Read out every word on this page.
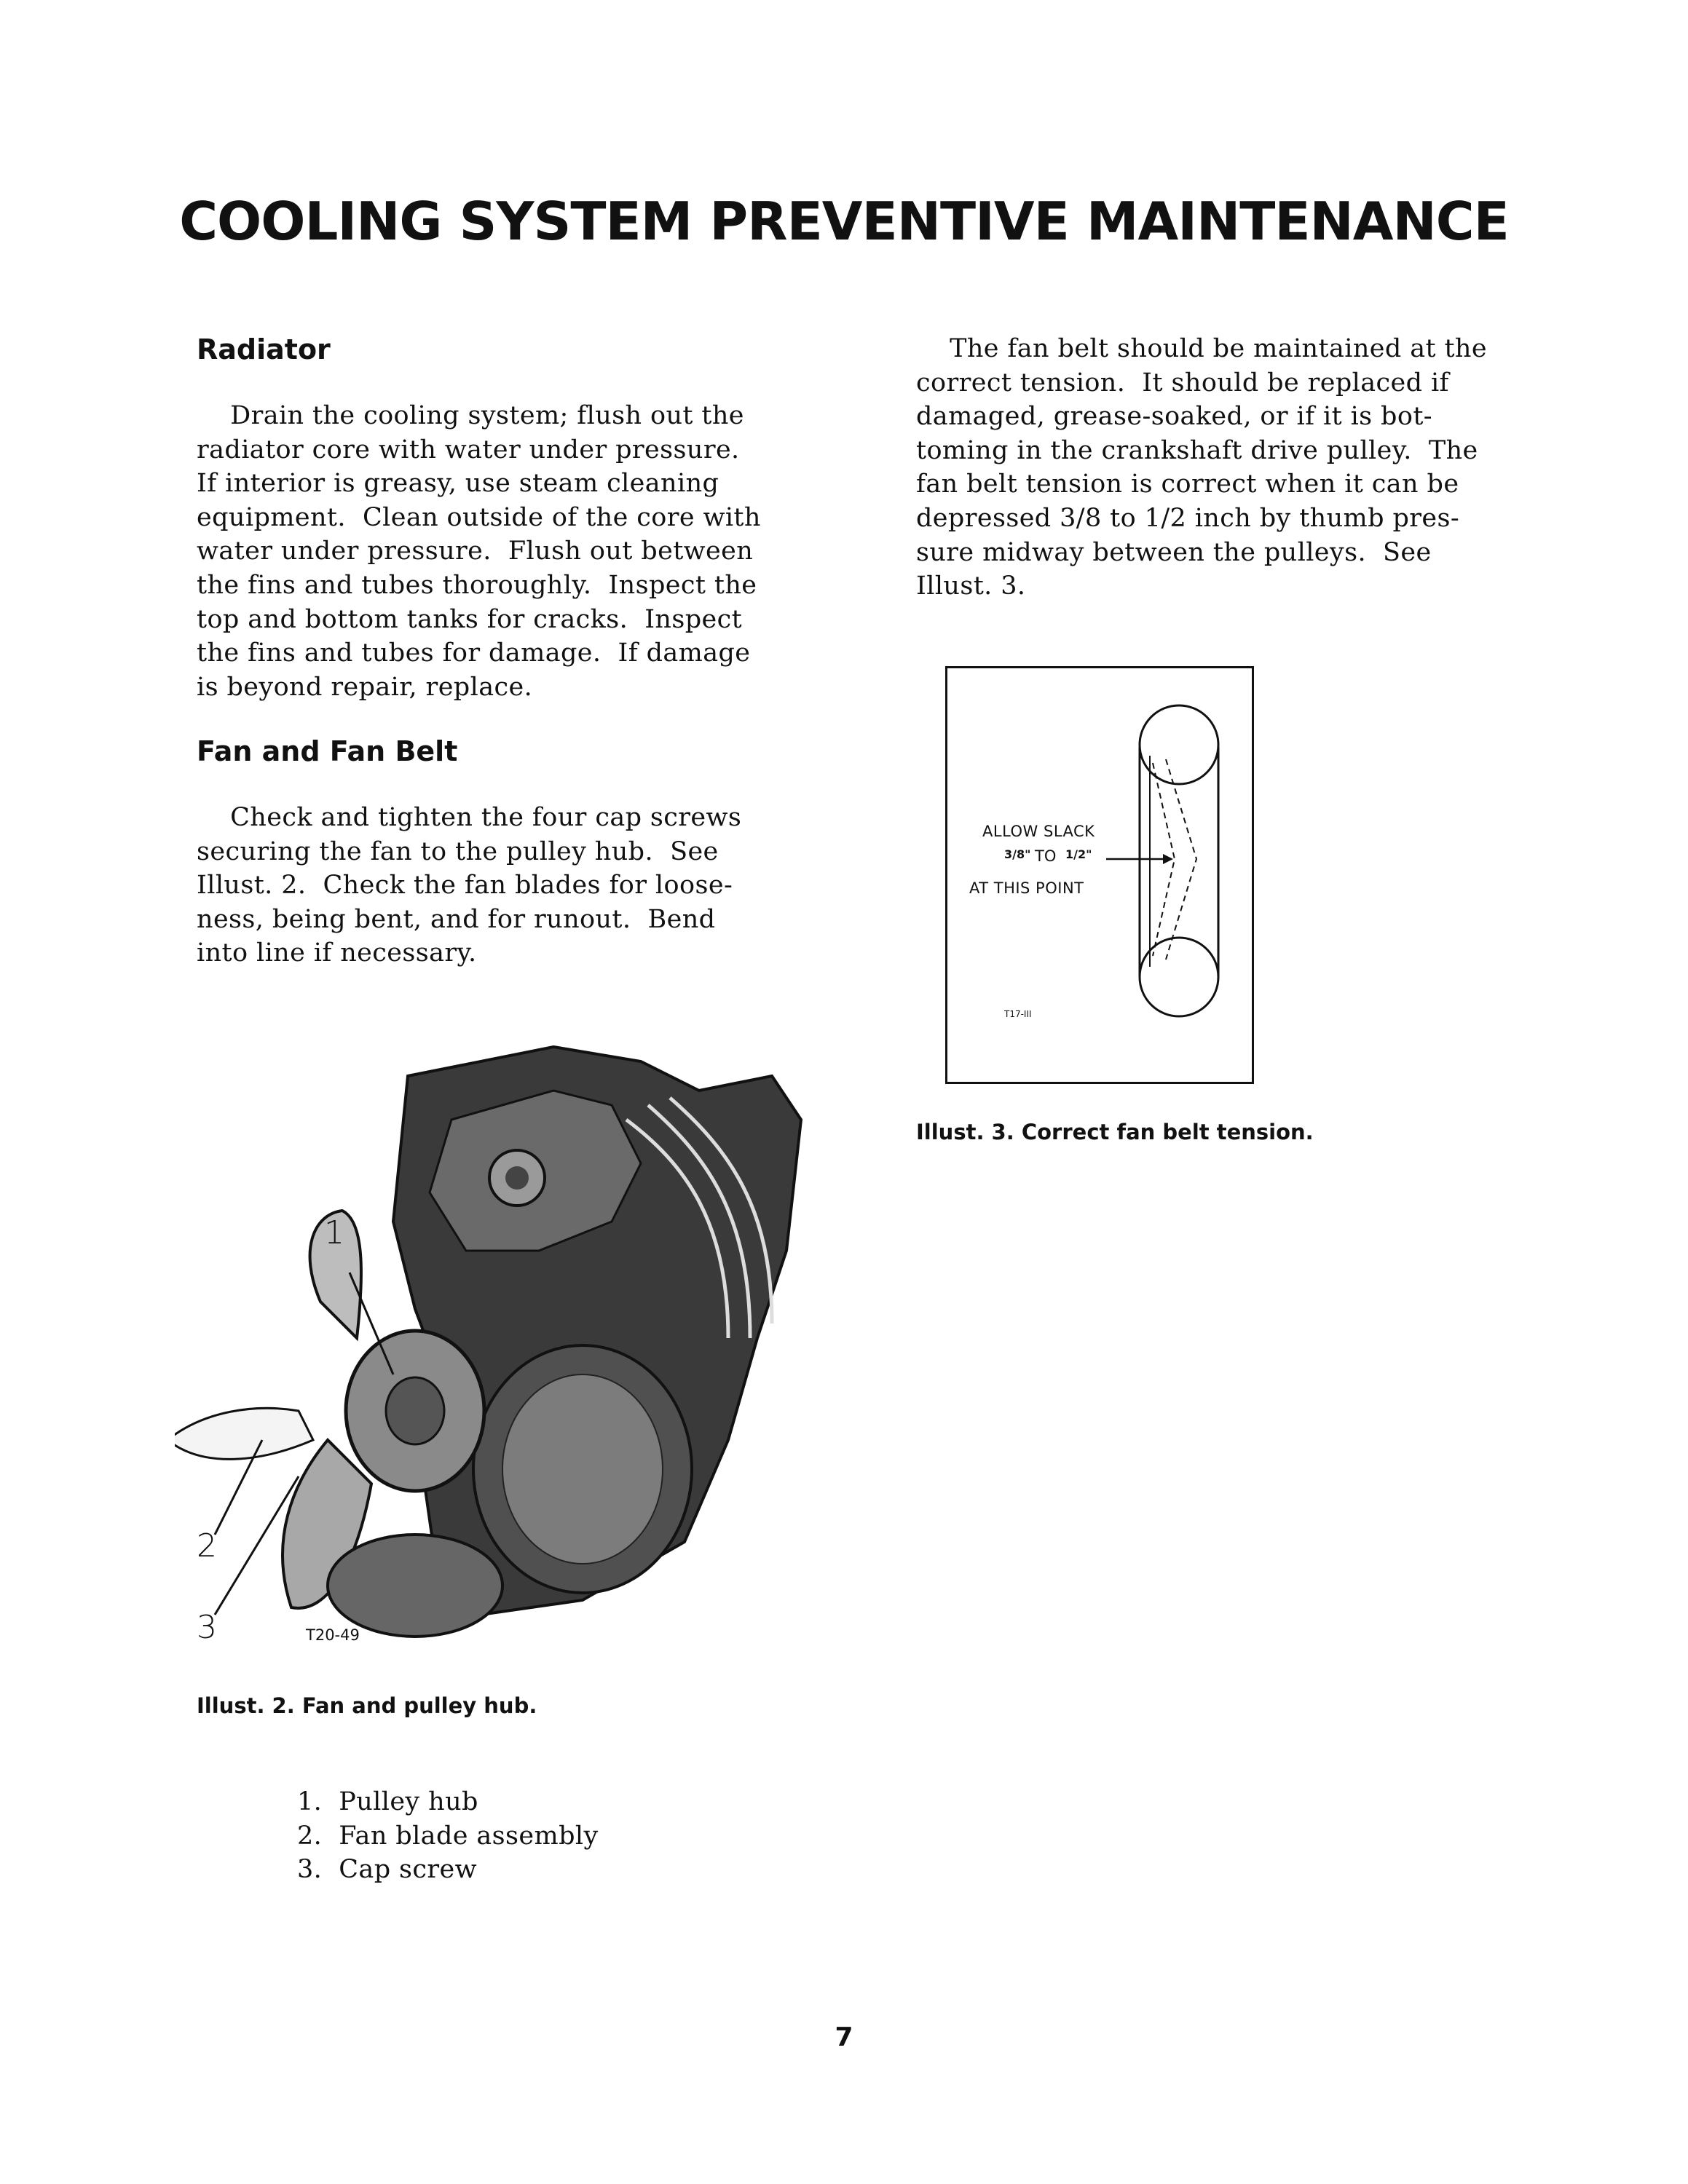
COOLING SYSTEM PREVENTIVE MAINTENANCE
Radiator

Drain the cooling system; flush out the
radiator core with water under pressure.
If interior is greasy, use steam cleaning
equipment.  Clean outside of the core with
water under pressure.  Flush out between
the fins and tubes thoroughly.  Inspect the
top and bottom tanks for cracks.  Inspect
the fins and tubes for damage.  If damage
is beyond repair, replace.

Fan and Fan Belt

Check and tighten the four cap screws
securing the fan to the pulley hub.  See
Illust. 2.  Check the fan blades for loose-
ness, being bent, and for runout.  Bend
into line if necessary.

The fan belt should be maintained at the
correct tension.  It should be replaced if
damaged, grease-soaked, or if it is bot-
toming in the crankshaft drive pulley.  The
fan belt tension is correct when it can be
depressed 3/8 to 1/2 inch by thumb pres-
sure midway between the pulleys.  See
Illust. 3.

ALLOW SLACK
3/8" TO 1/2"
AT THIS POINT
T17-III

Illust. 3. Correct fan belt tension.

1
2
3	T20-49

Illust. 2. Fan and pulley hub.

1.  Pulley hub
2.  Fan blade assembly
3.  Cap screw
7
